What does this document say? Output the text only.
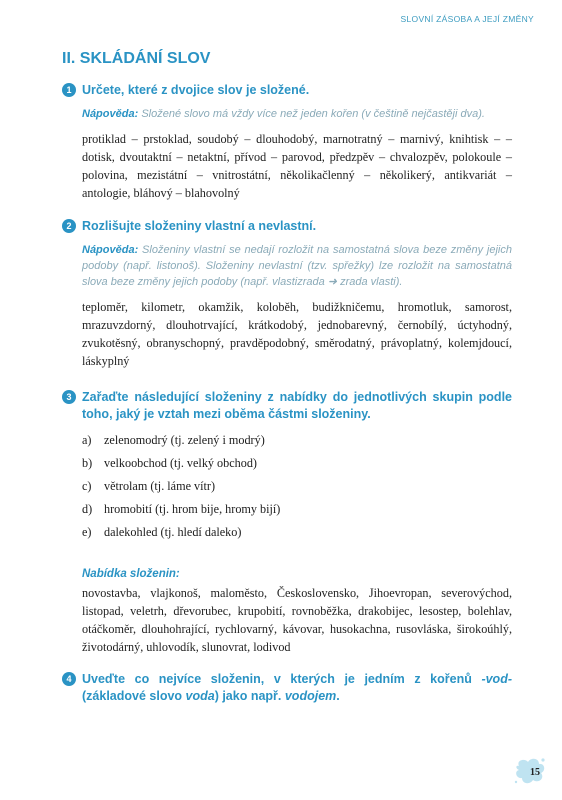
SLOVNÍ ZÁSOBA A JEJÍ ZMĚNY
II. SKLÁDÁNÍ SLOV
1 Určete, které z dvojice slov je složené.
Nápověda: Složené slovo má vždy více než jeden kořen (v češtině nejčastěji dva).
protiklad – prstoklad, soudobý – dlouhodobý, marnotratný – marnivý, knihtisk – – dotisk, dvoutaktní – netaktní, přívod – parovod, předzpěv – chvalozpěv, polokoule – polovina, mezistátní – vnitrostátní, několikačlenný – několikerý, antikvariát – antologie, bláhový – blahovolný
2 Rozlišujte složeniny vlastní a nevlastní.
Nápověda: Složeniny vlastní se nedají rozložit na samostatná slova beze změny jejich podoby (např. listonoš). Složeniny nevlastní (tzv. spřežky) lze rozložit na samostatná slova beze změny jejich podoby (např. vlastizrada ➜ zrada vlasti).
teploměr, kilometr, okamžik, koloběh, budižkničemu, hromotluk, samorost, mrazuvzdorný, dlouhotrvající, krátkodobý, jednobarevný, černobílý, úctyhodný, zvukotěsný, obranyschopný, pravděpodobný, směrodatný, právoplatný, kolemjdoucí, láskyplný
3 Zařaďte následující složeniny z nabídky do jednotlivých skupin podle toho, jaký je vztah mezi oběma částmi složeniny.
a) zelenomodrý (tj. zelený i modrý)
b) velkoobchod (tj. velký obchod)
c) větrolam (tj. láme vítr)
d) hromobití (tj. hrom bije, hromy bijí)
e) dalekohled (tj. hledí daleko)
Nabídka složenin:
novostavba, vlajkonoš, maloměsto, Československo, Jihoevropan, severovýchod, listopad, veletrh, dřevorubec, krupobití, rovnoběžka, drakobijec, lesostep, bolehlav, otáčkoměr, dlouhohrající, rychlovarný, kávovar, husokachna, rusovláska, širokoúhlý, životodárný, uhlovodík, slunovrat, lodivod
4 Uveďte co nejvíce složenin, v kterých je jedním z kořenů -vod- (základové slovo voda) jako např. vodojem.
15
